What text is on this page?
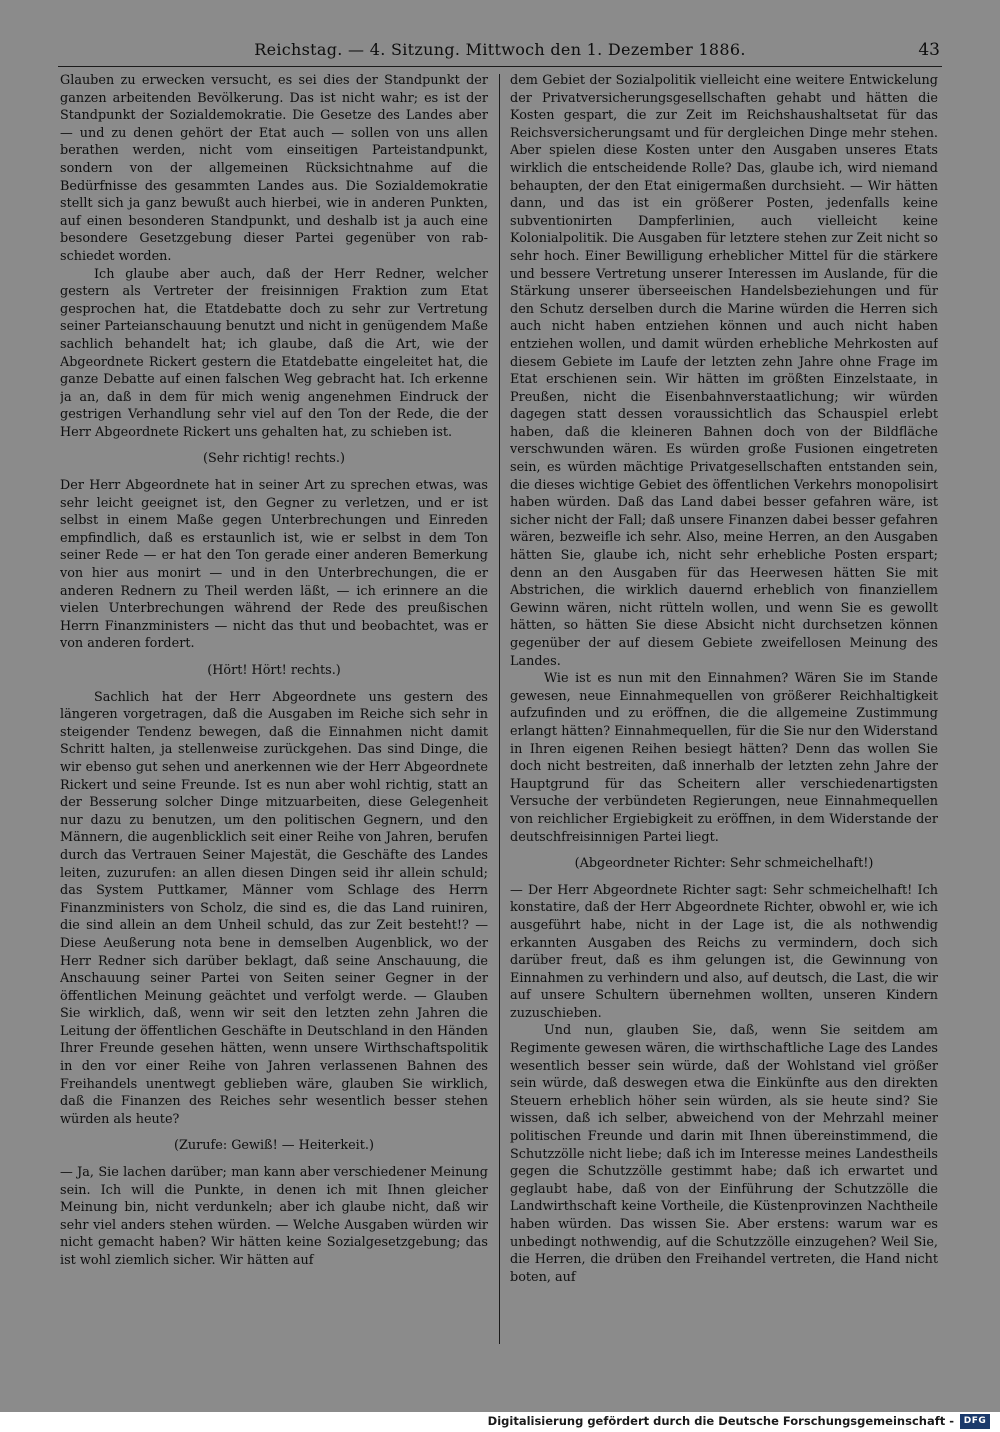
Reichstag. — 4. Sitzung. Mittwoch den 1. Dezember 1886.	43

Glauben zu erwecken versucht, es sei dies der Standpunkt der ganzen arbeitenden Bevölkerung. Das ist nicht wahr; es ist der Standpunkt der Sozialdemokratie. Die Gesetze des Landes aber — und zu denen gehört der Etat auch — sollen von uns allen berathen werden, nicht vom einseitigen Parteistandpunkt, sondern von der allgemeinen Rücksichtnahme auf die Bedürfnisse des gesammten Landes aus. Die Sozialdemokratie stellt sich ja ganz bewußt auch hierbei, wie in anderen Punkten, auf einen besonderen Standpunkt, und deshalb ist ja auch eine besondere Gesetzgebung dieser Partei gegenüber von rab- schiedet worden.

Ich glaube aber auch, daß der Herr Redner, welcher gestern als Vertreter der freisinnigen Fraktion zum Etat gesprochen hat, die Etatdebatte doch zu sehr zur Vertretung seiner Parteianschauung benutzt und nicht in genügendem Maße sachlich behandelt hat; ich glaube, daß die Art, wie der Abgeordnete Rickert gestern die Etatdebatte eingeleitet hat, die ganze Debatte auf einen falschen Weg gebracht hat. Ich erkenne ja an, daß in dem für mich wenig angenehmen Eindruck der gestrigen Verhandlung sehr viel auf den Ton der Rede, die der Herr Abgeordnete Rickert uns gehalten hat, zu schieben ist.

(Sehr richtig! rechts.)

Der Herr Abgeordnete hat in seiner Art zu sprechen etwas, was sehr leicht geeignet ist, den Gegner zu verletzen, und er ist selbst in einem Maße gegen Unterbrechungen und Einreden empfindlich, daß es erstaunlich ist, wie er selbst in dem Ton seiner Rede — er hat den Ton gerade einer anderen Bemerkung von hier aus monirt — und in den Unterbrechungen, die er anderen Rednern zu Theil werden läßt, — ich erinnere an die vielen Unterbrechungen während der Rede des preußischen Herrn Finanzministers — nicht das thut und beobachtet, was er von anderen fordert.

(Hört! Hört! rechts.)

Sachlich hat der Herr Abgeordnete uns gestern des längeren vorgetragen, daß die Ausgaben im Reiche sich sehr in steigender Tendenz bewegen, daß die Einnahmen nicht damit Schritt halten, ja stellenweise zurückgehen. Das sind Dinge, die wir ebenso gut sehen und anerkennen wie der Herr Abgeordnete Rickert und seine Freunde. Ist es nun aber wohl richtig, statt an der Besserung solcher Dinge mitzuarbeiten, diese Gelegenheit nur dazu zu benutzen, um den politischen Gegnern, und den Männern, die augenblicklich seit einer Reihe von Jahren, berufen durch das Vertrauen Seiner Majestät, die Geschäfte des Landes leiten, zuzurufen: an allen diesen Dingen seid ihr allein schuld; das System Puttkamer, Männer vom Schlage des Herrn Finanzministers von Scholz, die sind es, die das Land ruiniren, die sind allein an dem Unheil schuld, das zur Zeit besteht!? — Diese Aeußerung nota bene in demselben Augenblick, wo der Herr Redner sich darüber beklagt, daß seine Anschauung, die Anschauung seiner Partei von Seiten seiner Gegner in der öffentlichen Meinung geächtet und verfolgt werde. — Glauben Sie wirklich, daß, wenn wir seit den letzten zehn Jahren die Leitung der öffentlichen Geschäfte in Deutschland in den Händen Ihrer Freunde gesehen hätten, wenn unsere Wirthschaftspolitik in den vor einer Reihe von Jahren verlassenen Bahnen des Freihandels unentwegt geblieben wäre, glauben Sie wirklich, daß die Finanzen des Reiches sehr wesentlich besser stehen würden als heute?

(Zurufe: Gewiß! — Heiterkeit.)

— Ja, Sie lachen darüber; man kann aber verschiedener Meinung sein. Ich will die Punkte, in denen ich mit Ihnen gleicher Meinung bin, nicht verdunkeln; aber ich glaube nicht, daß wir sehr viel anders stehen würden. — Welche Ausgaben würden wir nicht gemacht haben? Wir hätten keine Sozialgesetzgebung; das ist wohl ziemlich sicher. Wir hätten auf

dem Gebiet der Sozialpolitik vielleicht eine weitere Entwickelung der Privatversicherungsgesellschaften gehabt und hätten die Kosten gespart, die zur Zeit im Reichshaushaltsetat für das Reichsversicherungsamt und für dergleichen Dinge mehr stehen. Aber spielen diese Kosten unter den Ausgaben unseres Etats wirklich die entscheidende Rolle? Das, glaube ich, wird niemand behaupten, der den Etat einigermaßen durchsieht. — Wir hätten dann, und das ist ein größerer Posten, jedenfalls keine subventionirten Dampferlinien, auch vielleicht keine Kolonialpolitik. Die Ausgaben für letztere stehen zur Zeit nicht so sehr hoch. Einer Bewilligung erheblicher Mittel für die stärkere und bessere Vertretung unserer Interessen im Auslande, für die Stärkung unserer überseeischen Handelsbeziehungen und für den Schutz derselben durch die Marine würden die Herren sich auch nicht haben entziehen können und auch nicht haben entziehen wollen, und damit würden erhebliche Mehrkosten auf diesem Gebiete im Laufe der letzten zehn Jahre ohne Frage im Etat erschienen sein. Wir hätten im größten Einzelstaate, in Preußen, nicht die Eisenbahnverstaatlichung; wir würden dagegen statt dessen voraussichtlich das Schauspiel erlebt haben, daß die kleineren Bahnen doch von der Bildfläche verschwunden wären. Es würden große Fusionen eingetreten sein, es würden mächtige Privatgesellschaften entstanden sein, die dieses wichtige Gebiet des öffentlichen Verkehrs monopolisirt haben würden. Daß das Land dabei besser gefahren wäre, ist sicher nicht der Fall; daß unsere Finanzen dabei besser gefahren wären, bezweifle ich sehr. Also, meine Herren, an den Ausgaben hätten Sie, glaube ich, nicht sehr erhebliche Posten erspart; denn an den Ausgaben für das Heerwesen hätten Sie mit Abstrichen, die wirklich dauernd erheblich von finanziellem Gewinn wären, nicht rütteln wollen, und wenn Sie es gewollt hätten, so hätten Sie diese Absicht nicht durchsetzen können gegenüber der auf diesem Gebiete zweifellosen Meinung des Landes.

Wie ist es nun mit den Einnahmen? Wären Sie im Stande gewesen, neue Einnahmequellen von größerer Reichhaltigkeit aufzufinden und zu eröffnen, die die allgemeine Zustimmung erlangt hätten? Einnahmequellen, für die Sie nur den Widerstand in Ihren eigenen Reihen besiegt hätten? Denn das wollen Sie doch nicht bestreiten, daß innerhalb der letzten zehn Jahre der Hauptgrund für das Scheitern aller verschiedenartigsten Versuche der verbündeten Regierungen, neue Einnahmequellen von reichlicher Ergiebigkeit zu eröffnen, in dem Widerstande der deutschfreisinnigen Partei liegt.

(Abgeordneter Richter: Sehr schmeichelhaft!)

— Der Herr Abgeordnete Richter sagt: Sehr schmeichelhaft! Ich konstatire, daß der Herr Abgeordnete Richter, obwohl er, wie ich ausgeführt habe, nicht in der Lage ist, die als nothwendig erkannten Ausgaben des Reichs zu vermindern, doch sich darüber freut, daß es ihm gelungen ist, die Gewinnung von Einnahmen zu verhindern und also, auf deutsch, die Last, die wir auf unsere Schultern übernehmen wollten, unseren Kindern zuzuschieben.

Und nun, glauben Sie, daß, wenn Sie seitdem am Regimente gewesen wären, die wirthschaftliche Lage des Landes wesentlich besser sein würde, daß der Wohlstand viel größer sein würde, daß deswegen etwa die Einkünfte aus den direkten Steuern erheblich höher sein würden, als sie heute sind? Sie wissen, daß ich selber, abweichend von der Mehrzahl meiner politischen Freunde und darin mit Ihnen übereinstimmend, die Schutzzölle nicht liebe; daß ich im Interesse meines Landestheils gegen die Schutzzölle gestimmt habe; daß ich erwartet und geglaubt habe, daß von der Einführung der Schutzzölle die Landwirthschaft keine Vortheile, die Küstenprovinzen Nachtheile haben würden. Das wissen Sie. Aber erstens: warum war es unbedingt nothwendig, auf die Schutzzölle einzugehen? Weil Sie, die Herren, die drüben den Freihandel vertreten, die Hand nicht boten, auf

Digitalisierung gefördert durch die Deutsche Forschungsgemeinschaft -	DFG
